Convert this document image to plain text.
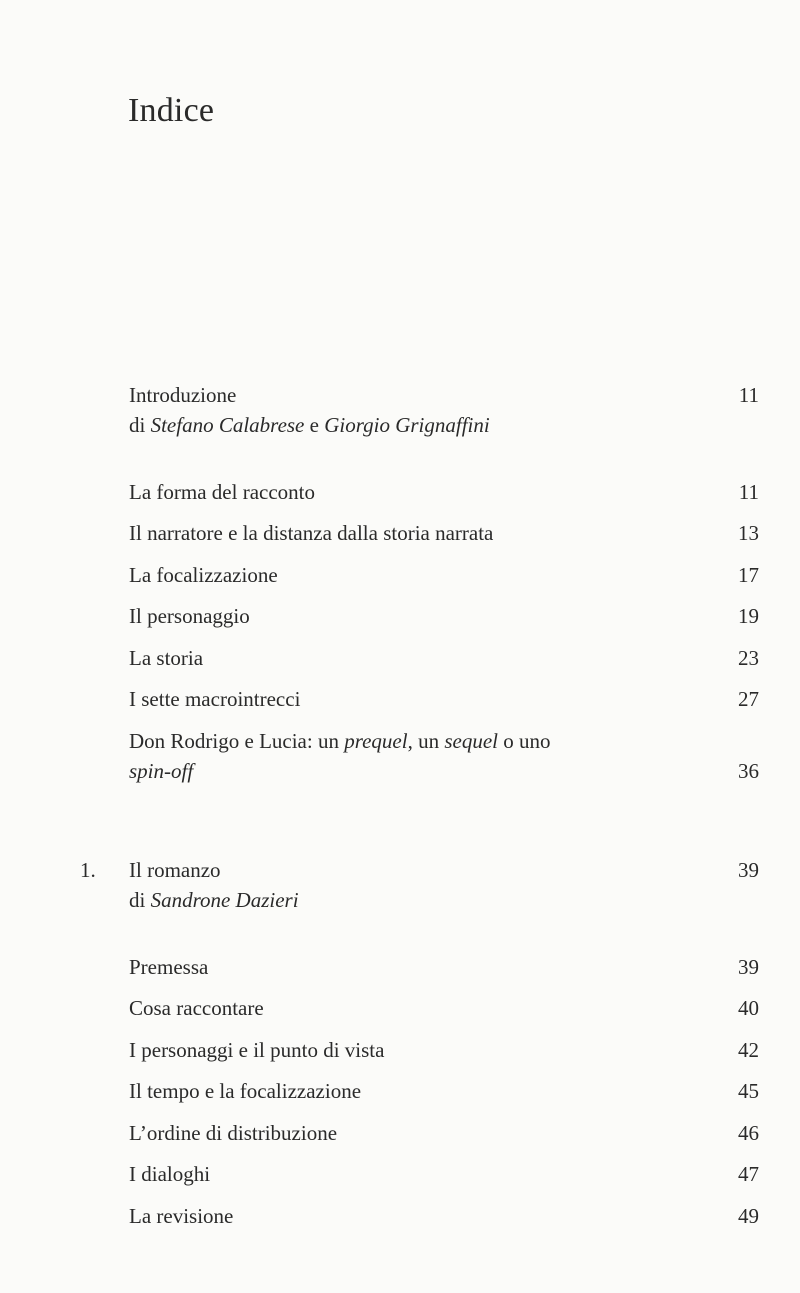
Indice
Introduzione	11
di Stefano Calabrese e Giorgio Grignaffini
La forma del racconto	11
Il narratore e la distanza dalla storia narrata	13
La focalizzazione	17
Il personaggio	19
La storia	23
I sette macrointrecci	27
Don Rodrigo e Lucia: un prequel, un sequel o uno
spin-off	36
1. Il romanzo	39
di Sandrone Dazieri
Premessa	39
Cosa raccontare	40
I personaggi e il punto di vista	42
Il tempo e la focalizzazione	45
L’ordine di distribuzione	46
I dialoghi	47
La revisione	49
